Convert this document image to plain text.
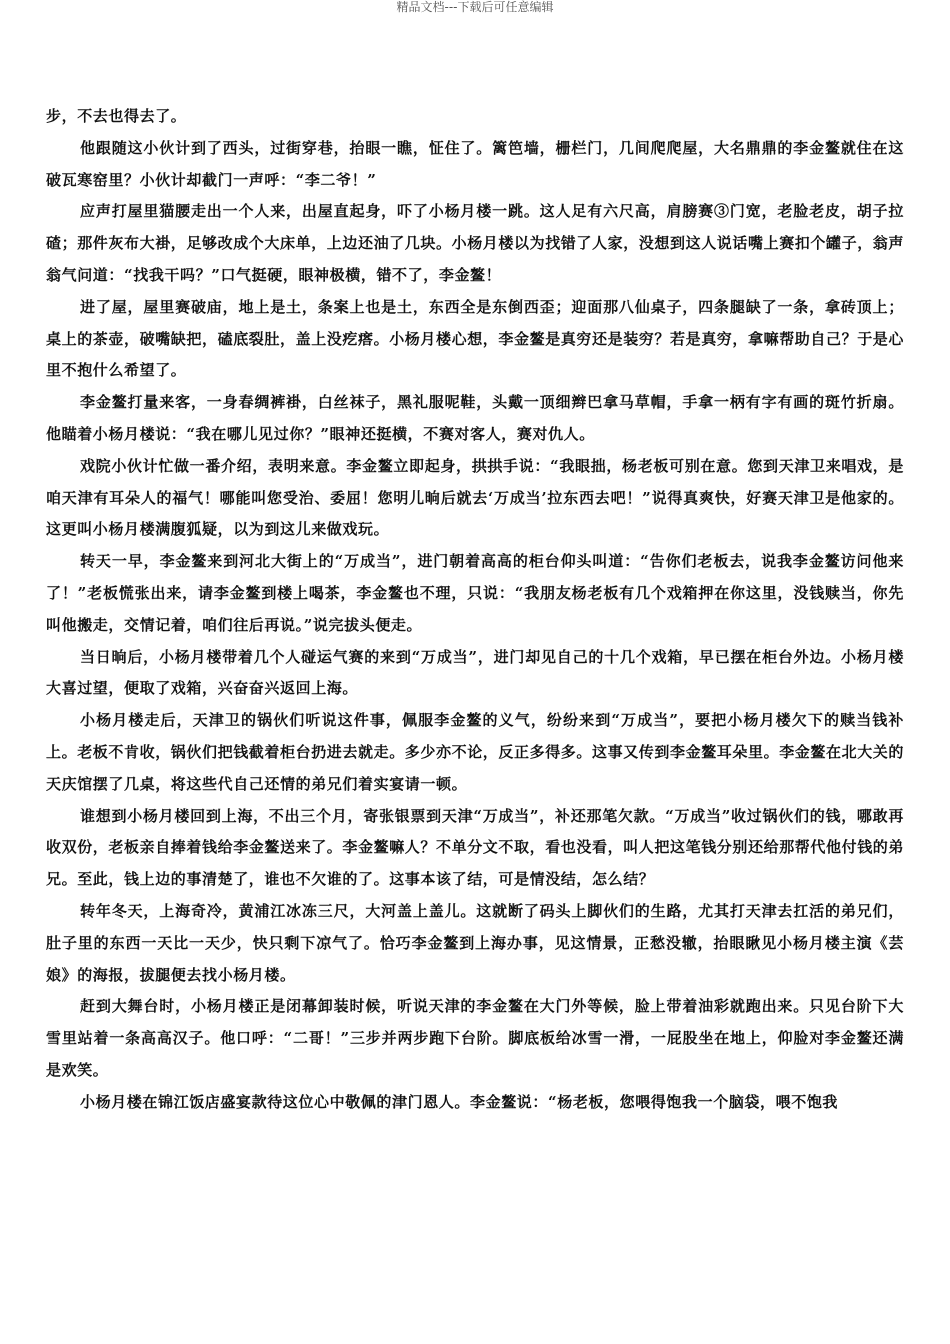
精品文档---下载后可任意编辑

步，不去也得去了。

他跟随这小伙计到了西头，过街穿巷，抬眼一瞧，怔住了。篱笆墙，栅栏门，几间爬爬屋，大名鼎鼎的李金鳌就住在这破瓦寒窑里？小伙计却截门一声呼：“李二爷！”

应声打屋里猫腰走出一个人来，出屋直起身，吓了小杨月楼一跳。这人足有六尺高，肩膀赛③门宽，老脸老皮，胡子拉碴；那件灰布大褂，足够改成个大床单，上边还油了几块。小杨月楼以为找错了人家，没想到这人说话嘴上赛扣个罐子，翁声翁气问道：“找我干吗？”口气挺硬，眼神极横，错不了，李金鳌！

进了屋，屋里赛破庙，地上是土，条案上也是土，东西全是东倒西歪；迎面那八仙桌子，四条腿缺了一条，拿砖顶上；桌上的茶壶，破嘴缺把，磕底裂肚，盖上没疙瘩。小杨月楼心想，李金鳌是真穷还是装穷？若是真穷，拿嘛帮助自己？于是心里不抱什么希望了。

李金鳌打量来客，一身春绸裤褂，白丝袜子，黑礼服呢鞋，头戴一顶细辫巴拿马草帽，手拿一柄有字有画的斑竹折扇。他瞄着小杨月楼说：“我在哪儿见过你？”眼神还挺横，不赛对客人，赛对仇人。

戏院小伙计忙做一番介绍，表明来意。李金鳌立即起身，拱拱手说：“我眼拙，杨老板可别在意。您到天津卫来唱戏，是咱天津有耳朵人的福气！哪能叫您受治、委屈！您明儿晌后就去‘万成当’拉东西去吧！”说得真爽快，好赛天津卫是他家的。这更叫小杨月楼满腹狐疑，以为到这儿来做戏玩。

转天一早，李金鳌来到河北大街上的“万成当”，进门朝着高高的柜台仰头叫道：“告你们老板去，说我李金鳌访问他来了！”老板慌张出来，请李金鳌到楼上喝茶，李金鳌也不理，只说：“我朋友杨老板有几个戏箱押在你这里，没钱赎当，你先叫他搬走，交情记着，咱们往后再说。”说完拔头便走。

当日晌后，小杨月楼带着几个人碰运气赛的来到“万成当”，进门却见自己的十几个戏箱，早已摆在柜台外边。小杨月楼大喜过望，便取了戏箱，兴奋奋兴返回上海。

小杨月楼走后，天津卫的锅伙们听说这件事，佩服李金鳌的义气，纷纷来到“万成当”，要把小杨月楼欠下的赎当钱补上。老板不肯收，锅伙们把钱截着柜台扔进去就走。多少亦不论，反正多得多。这事又传到李金鳌耳朵里。李金鳌在北大关的天庆馆摆了几桌，将这些代自己还情的弟兄们着实宴请一顿。

谁想到小杨月楼回到上海，不出三个月，寄张银票到天津“万成当”，补还那笔欠款。“万成当”收过锅伙们的钱，哪敢再收双份，老板亲自捧着钱给李金鳌送来了。李金鳌嘛人？不单分文不取，看也没看，叫人把这笔钱分别还给那帮代他付钱的弟兄。至此，钱上边的事清楚了，谁也不欠谁的了。这事本该了结，可是情没结，怎么结？

转年冬天，上海奇冷，黄浦江冰冻三尺，大河盖上盖儿。这就断了码头上脚伙们的生路，尤其打天津去扛活的弟兄们，肚子里的东西一天比一天少，快只剩下凉气了。恰巧李金鳌到上海办事，见这情景，正愁没辙，抬眼瞅见小杨月楼主演《芸娘》的海报，拔腿便去找小杨月楼。

赶到大舞台时，小杨月楼正是闭幕卸装时候，听说天津的李金鳌在大门外等候，脸上带着油彩就跑出来。只见台阶下大雪里站着一条高高汉子。他口呼：“二哥！”三步并两步跑下台阶。脚底板给冰雪一滑，一屁股坐在地上，仰脸对李金鳌还满是欢笑。

小杨月楼在锦江饭店盛宴款待这位心中敬佩的津门恩人。李金鳌说：“杨老板，您喂得饱我一个脑袋，喂不饱我
